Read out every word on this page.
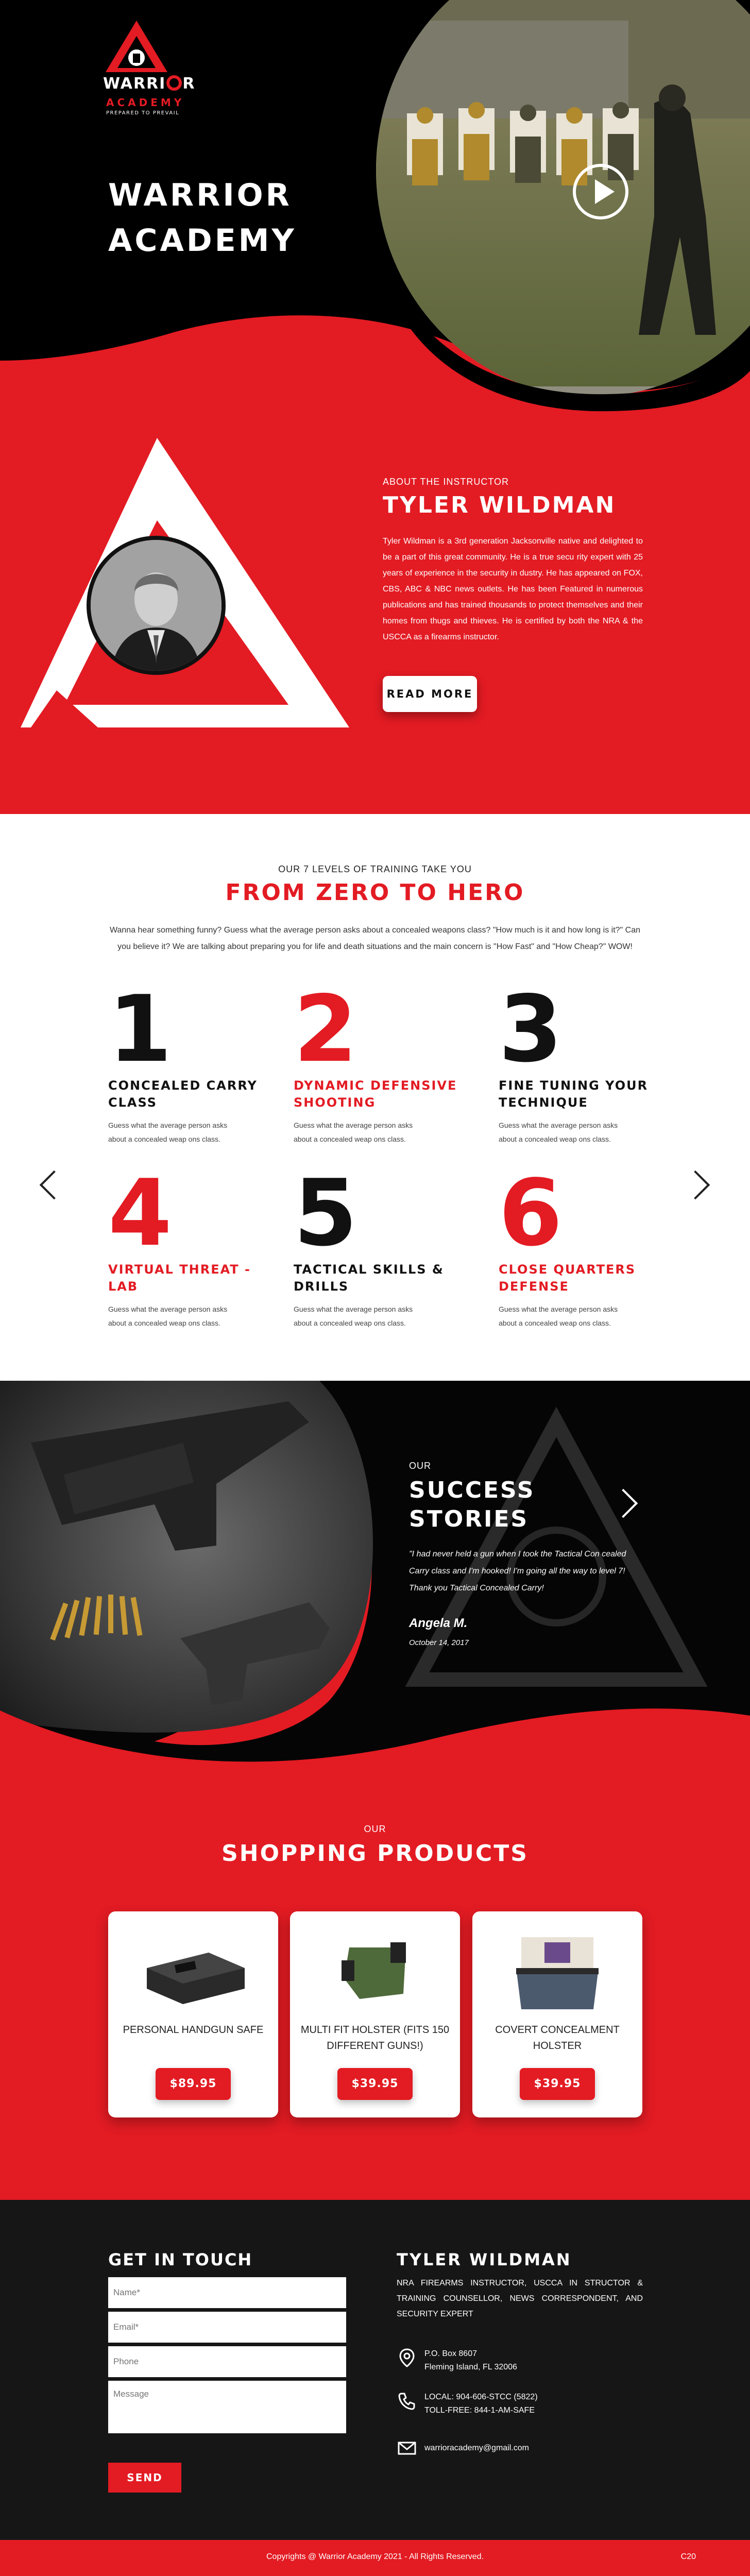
WARRI R
ACADEMY
PREPARED TO PREVAIL
WARRIOR
ACADEMY
ABOUT THE INSTRUCTOR
TYLER WILDMAN
Tyler Wildman is a 3rd generation Jacksonville native and delighted to be a part of this great community. He is a true secu rity expert with 25 years of experience in the security in dustry. He has appeared on FOX, CBS, ABC & NBC news outlets. He has been Featured in numerous publications and has trained thousands to protect themselves and their homes from thugs and thieves. He is certified by both the NRA & the USCCA as a firearms instructor.
READ MORE
OUR 7 LEVELS OF TRAINING TAKE YOU
FROM ZERO TO HERO
Wanna hear something funny? Guess what the average person asks about a concealed weapons class? "How much is it and how long is it?" Can you believe it? We are talking about preparing you for life and death situations and the main concern is "How Fast" and "How Cheap?" WOW!
1
CONCEALED CARRY CLASS
Guess what the average person asks about a concealed weap ons class.
2
DYNAMIC DEFENSIVE SHOOTING
Guess what the average person asks about a concealed weap ons class.
3
FINE TUNING YOUR TECHNIQUE
Guess what the average person asks about a concealed weap ons class.
4
VIRTUAL THREAT -LAB
Guess what the average person asks about a concealed weap ons class.
5
TACTICAL SKILLS & DRILLS
Guess what the average person asks about a concealed weap ons class.
6
CLOSE QUARTERS DEFENSE
Guess what the average person asks about a concealed weap ons class.
OUR
SUCCESS
STORIES
"I had never held a gun when I took the Tactical Con cealed Carry class and I'm hooked! I'm going all the way to level 7! Thank you Tactical Concealed Carry!
Angela M.
October 14, 2017
OUR
SHOPPING PRODUCTS
PERSONAL HANDGUN SAFE
$89.95
MULTI FIT HOLSTER (FITS 150 DIFFERENT GUNS!)
$39.95
COVERT CONCEALMENT HOLSTER
$39.95
GET IN TOUCH
Name*
Email*
Phone
Message
SEND
TYLER WILDMAN
NRA FIREARMS INSTRUCTOR, USCCA IN STRUCTOR & TRAINING COUNSELLOR, NEWS CORRESPONDENT, AND SECURITY EXPERT
P.O. Box 8607
Fleming Island, FL 32006
LOCAL: 904-606-STCC (5822)
TOLL-FREE: 844-1-AM-SAFE
warrioracademy@gmail.com
Copyrights @ Warrior Academy 2021 - All Rights Reserved.	C20
